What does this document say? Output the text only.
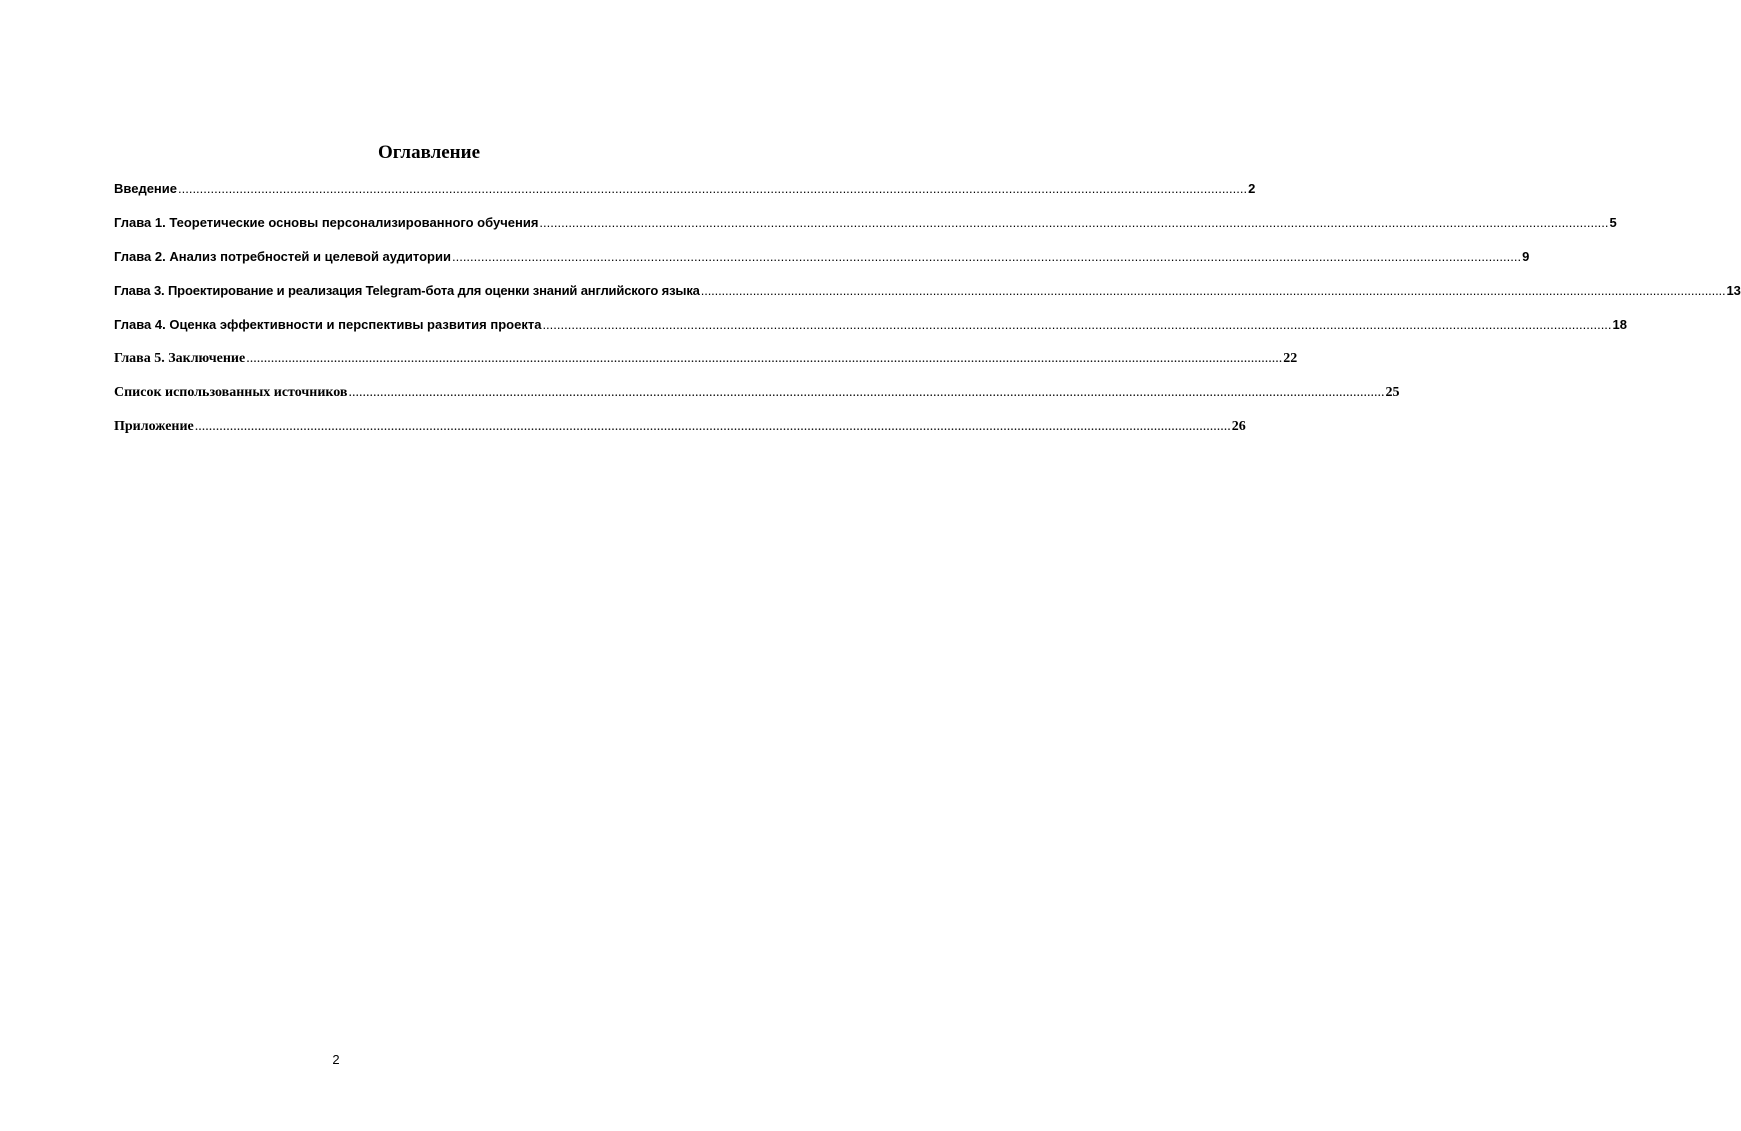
Оглавление
Введение .....	2
Глава 1. Теоретические основы персонализированного обучения .....	5
Глава 2. Анализ потребностей и целевой аудитории .....	9
Глава 3. Проектирование и реализация Telegram-бота для оценки знаний английского языка .....	13
Глава 4. Оценка эффективности и перспективы развития проекта .....	18
Глава 5. Заключение .....	22
Список использованных источников .....	25
Приложение .....	26
2
